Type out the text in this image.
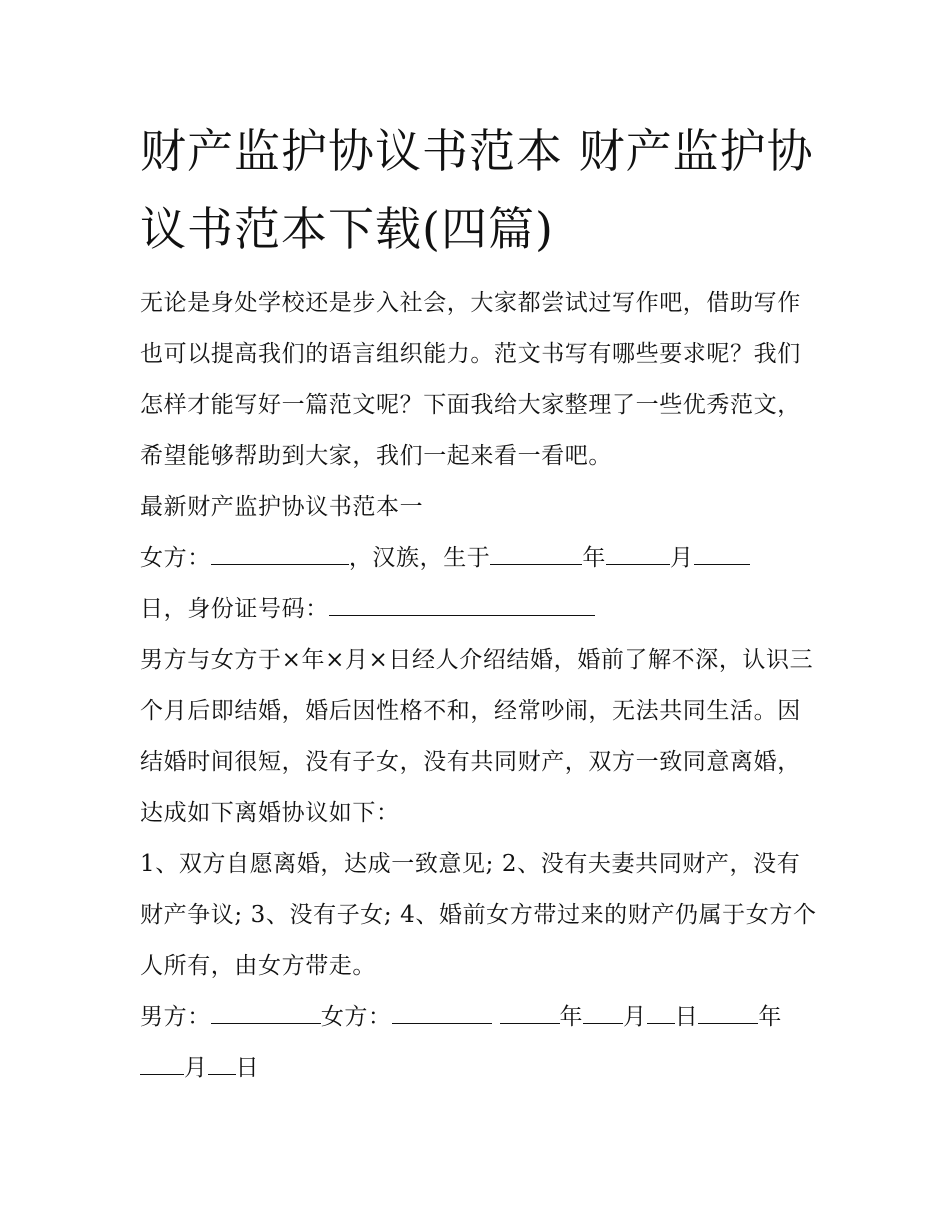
财产监护协议书范本 财产监护协议书范本下载(四篇)

无论是身处学校还是步入社会，大家都尝试过写作吧，借助写作也可以提高我们的语言组织能力。范文书写有哪些要求呢？我们怎样才能写好一篇范文呢？下面我给大家整理了一些优秀范文，希望能够帮助到大家，我们一起来看一看吧。

最新财产监护协议书范本一

女方：	，汉族，生于	年	月
日，身份证号码：

男方与女方于×年×月×日经人介绍结婚，婚前了解不深，认识三个月后即结婚，婚后因性格不和，经常吵闹，无法共同生活。因结婚时间很短，没有子女，没有共同财产，双方一致同意离婚，达成如下离婚协议如下：

1、双方自愿离婚，达成一致意见; 2、没有夫妻共同财产，没有财产争议; 3、没有子女; 4、婚前女方带过来的财产仍属于女方个人所有，由女方带走。

男方：	女方：	年 月 日	年
月 日
